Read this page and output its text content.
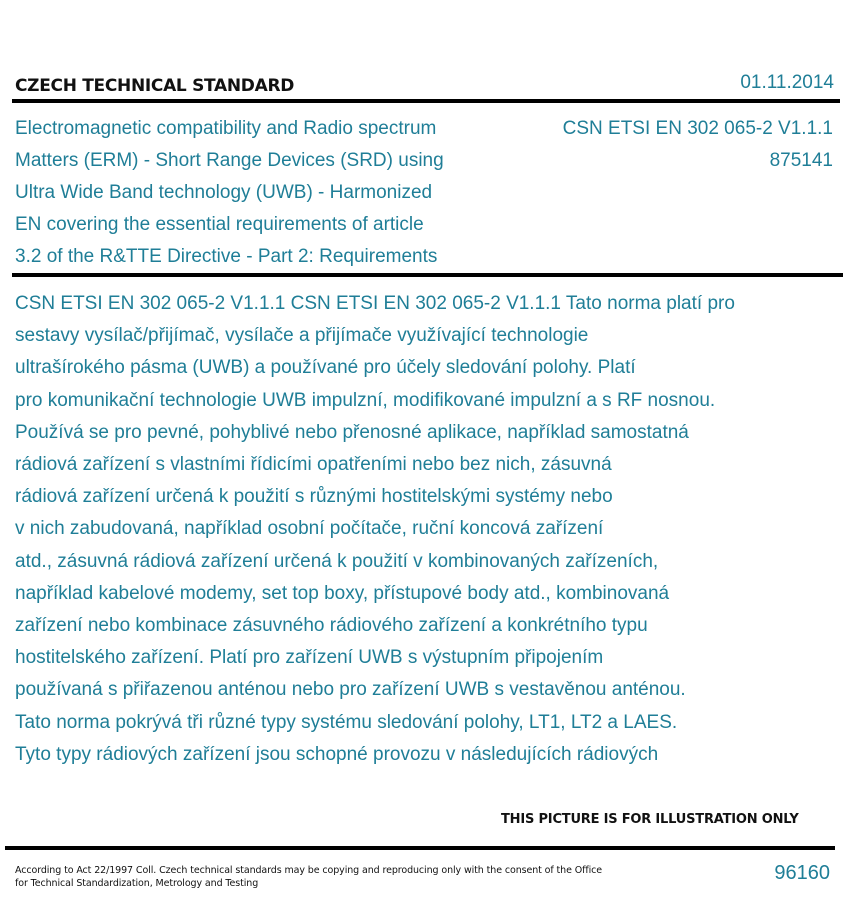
CZECH TECHNICAL STANDARD	01.11.2014
Electromagnetic compatibility and Radio spectrum
Matters (ERM) - Short Range Devices (SRD) using
Ultra Wide Band technology (UWB) - Harmonized
EN covering the essential requirements of article
3.2 of the R&TTE Directive - Part 2: Requirements
CSN ETSI EN 302 065-2 V1.1.1
875141
CSN ETSI EN 302 065-2 V1.1.1 CSN ETSI EN 302 065-2 V1.1.1 Tato norma platí pro
sestavy vysílač/přijímač, vysílače a přijímače využívající technologie
ultrašírokého pásma (UWB) a používané pro účely sledování polohy. Platí
pro komunikační technologie UWB impulzní, modifikované impulzní a s RF nosnou.
Používá se pro pevné, pohyblivé nebo přenosné aplikace, například samostatná
rádiová zařízení s vlastními řídicími opatřeními nebo bez nich, zásuvná
rádiová zařízení určená k použití s různými hostitelskými systémy nebo
v nich zabudovaná, například osobní počítače, ruční koncová zařízení
atd., zásuvná rádiová zařízení určená k použití v kombinovaných zařízeních,
například kabelové modemy, set top boxy, přístupové body atd., kombinovaná
zařízení nebo kombinace zásuvného rádiového zařízení a konkrétního typu
hostitelského zařízení. Platí pro zařízení UWB s výstupním připojením
používaná s přiřazenou anténou nebo pro zařízení UWB s vestavěnou anténou.
Tato norma pokrývá tři různé typy systému sledování polohy, LT1, LT2 a LAES.
Tyto typy rádiových zařízení jsou schopné provozu v následujících rádiových
THIS PICTURE IS FOR ILLUSTRATION ONLY
According to Act 22/1997 Coll. Czech technical standards may be copying and reproducing only with the consent of the Office
for Technical Standardization, Metrology and Testing	96160
